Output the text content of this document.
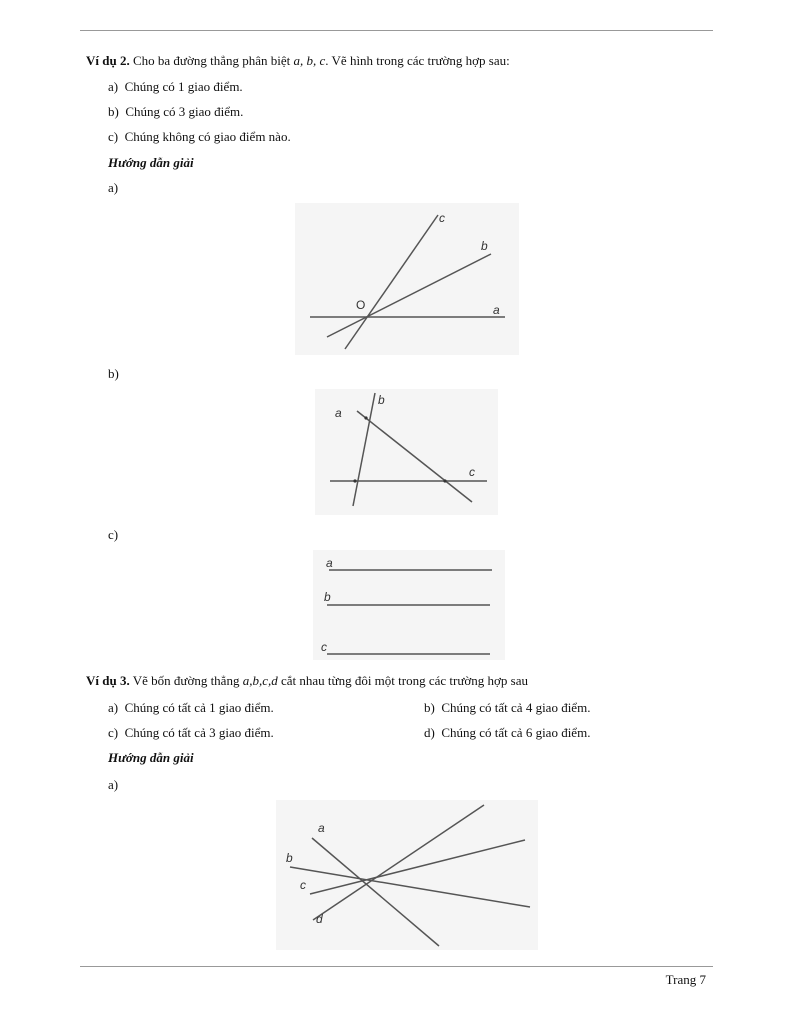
Ví dụ 2. Cho ba đường thẳng phân biệt a, b, c. Vẽ hình trong các trường hợp sau:
a) Chúng có 1 giao điểm.
b) Chúng có 3 giao điểm.
c) Chúng không có giao điểm nào.
Hướng dẫn giải
a)
c
b
O	a
b)
a
b
c
c)
a
b
c
Ví dụ 3. Vẽ bốn đường thẳng a,b,c,d cắt nhau từng đôi một trong các trường hợp sau
a) Chúng có tất cả 1 giao điểm.	b) Chúng có tất cả 4 giao điểm.
c) Chúng có tất cả 3 giao điểm.	d) Chúng có tất cả 6 giao điểm.
Hướng dẫn giải
a)
a
b
c
d
Trang 7
